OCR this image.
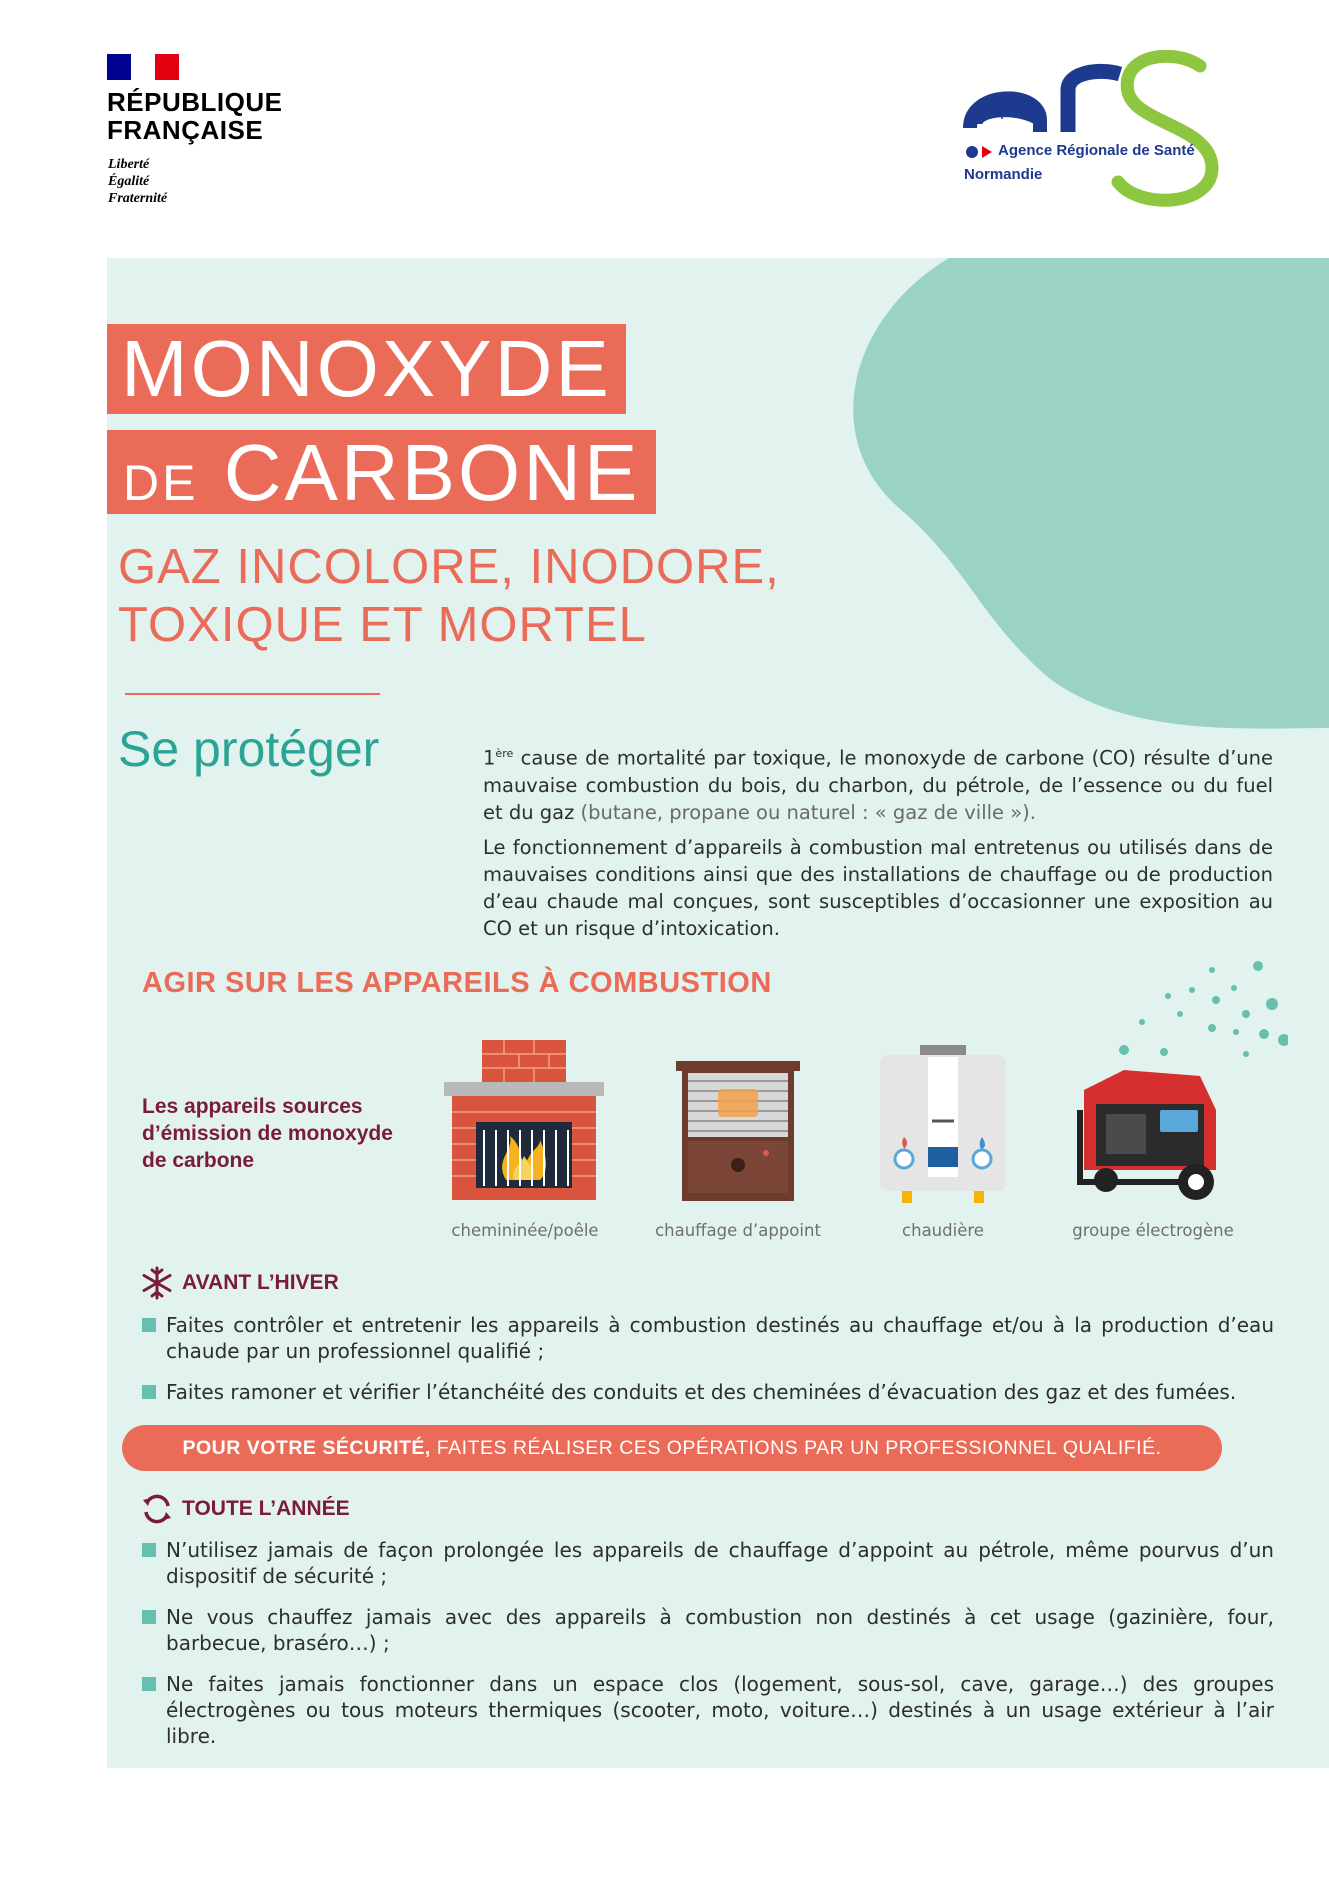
RÉPUBLIQUE
FRANÇAISE
Liberté
Égalité
Fraternité
Agence Régionale de Santé
Normandie
MONOXYDE
DE CARBONE
GAZ INCOLORE, INODORE,
TOXIQUE ET MORTEL
Se protéger	1ère cause de mortalité par toxique, le monoxyde de carbone (CO) résulte d’une mauvaise combustion du bois, du charbon, du pétrole, de l’essence ou du fuel et du gaz (butane, propane ou naturel : « gaz de ville »).

Le fonctionnement d’appareils à combustion mal entretenus ou utilisés dans de mauvaises conditions ainsi que des installations de chauffage ou de production d’eau chaude mal conçues, sont susceptibles d’occasionner une exposition au CO et un risque d’intoxication.

AGIR SUR LES APPAREILS À COMBUSTION
Les appareils sources
d’émission de monoxyde
de carbone
chemininée/poêle	chauffage d’appoint	chaudière	groupe électrogène
AVANT L’HIVER
Faites contrôler et entretenir les appareils à combustion destinés au chauffage et/ou à la production d’eau chaude par un professionnel qualifié ;
Faites ramoner et vérifier l’étanchéité des conduits et des cheminées d’évacuation des gaz et des fumées.
POUR VOTRE SÉCURITÉ, FAITES RÉALISER CES OPÉRATIONS PAR UN PROFESSIONNEL QUALIFIÉ.
TOUTE L’ANNÉE
N’utilisez jamais de façon prolongée les appareils de chauffage d’appoint au pétrole, même pourvus d’un dispositif de sécurité ;
Ne vous chauffez jamais avec des appareils à combustion non destinés à cet usage (gazinière, four, barbecue, braséro…) ;
Ne faites jamais fonctionner dans un espace clos (logement, sous-sol, cave, garage…) des groupes électrogènes ou tous moteurs thermiques (scooter, moto, voiture…) destinés à un usage extérieur à l’air libre.
